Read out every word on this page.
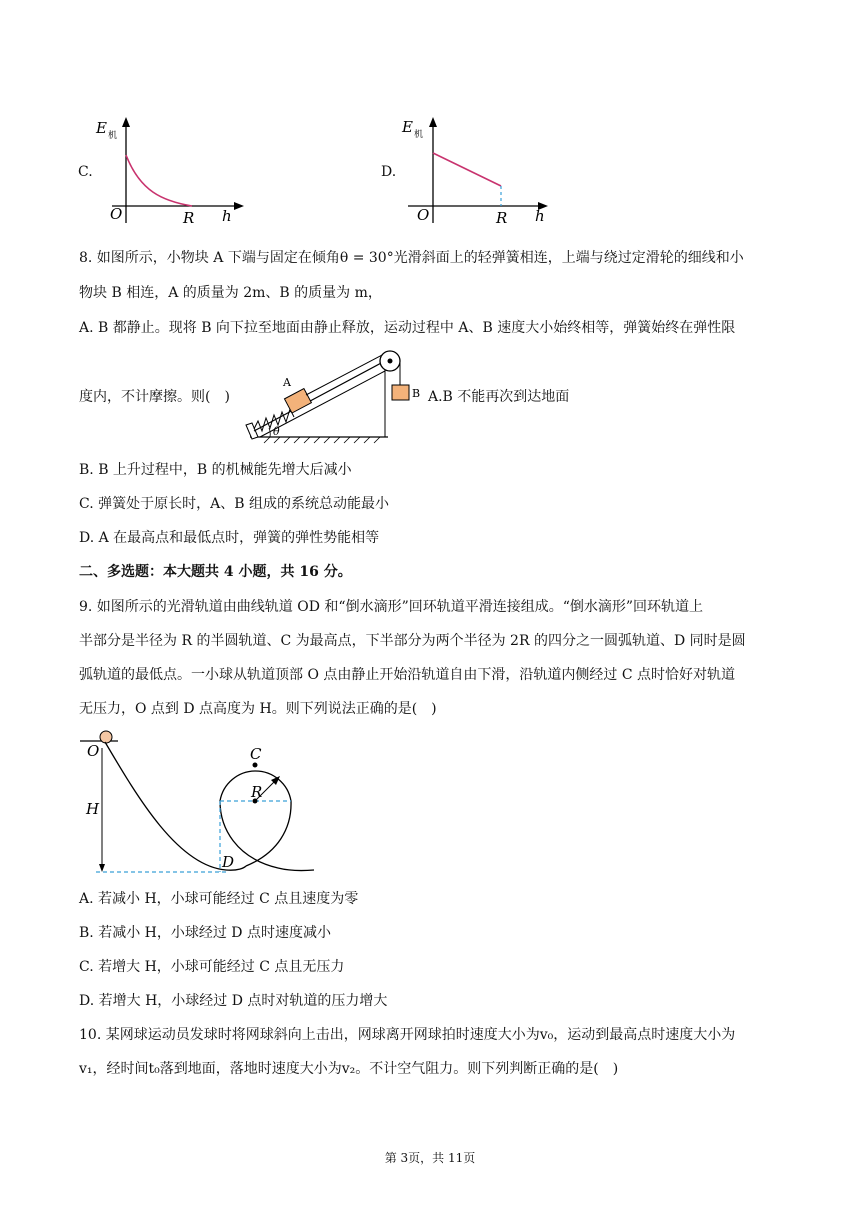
C.
E 机
O	R h
D.
E 机
O	R h
8. 如图所示，小物块 A 下端与固定在倾角θ = 30°光滑斜面上的轻弹簧相连，上端与绕过定滑轮的细线和小
物块 B 相连，A 的质量为 2m、B 的质量为 m，
A. B 都静止。现将 B 向下拉至地面由静止释放，运动过程中 A、B 速度大小始终相等，弹簧始终在弹性限
度内，不计摩擦。则(　)
A
B
θ
A.B 不能再次到达地面
B. B 上升过程中，B 的机械能先增大后减小
C. 弹簧处于原长时，A、B 组成的系统总动能最小
D. A 在最高点和最低点时，弹簧的弹性势能相等
二、多选题：本大题共 4 小题，共 16 分。
9. 如图所示的光滑轨道由曲线轨道 OD 和“倒水滴形”回环轨道平滑连接组成。“倒水滴形”回环轨道上
半部分是半径为 R 的半圆轨道、C 为最高点，下半部分为两个半径为 2R 的四分之一圆弧轨道、D 同时是圆
弧轨道的最低点。一小球从轨道顶部 O 点由静止开始沿轨道自由下滑，沿轨道内侧经过 C 点时恰好对轨道
无压力，O 点到 D 点高度为 H。则下列说法正确的是(　)
O
H
C
R
D
A. 若减小 H，小球可能经过 C 点且速度为零
B. 若减小 H，小球经过 D 点时速度减小
C. 若增大 H，小球可能经过 C 点且无压力
D. 若增大 H，小球经过 D 点时对轨道的压力增大
10. 某网球运动员发球时将网球斜向上击出，网球离开网球拍时速度大小为v₀，运动到最高点时速度大小为
v₁，经时间t₀落到地面，落地时速度大小为v₂。不计空气阻力。则下列判断正确的是(　)
第 3页，共 11页
